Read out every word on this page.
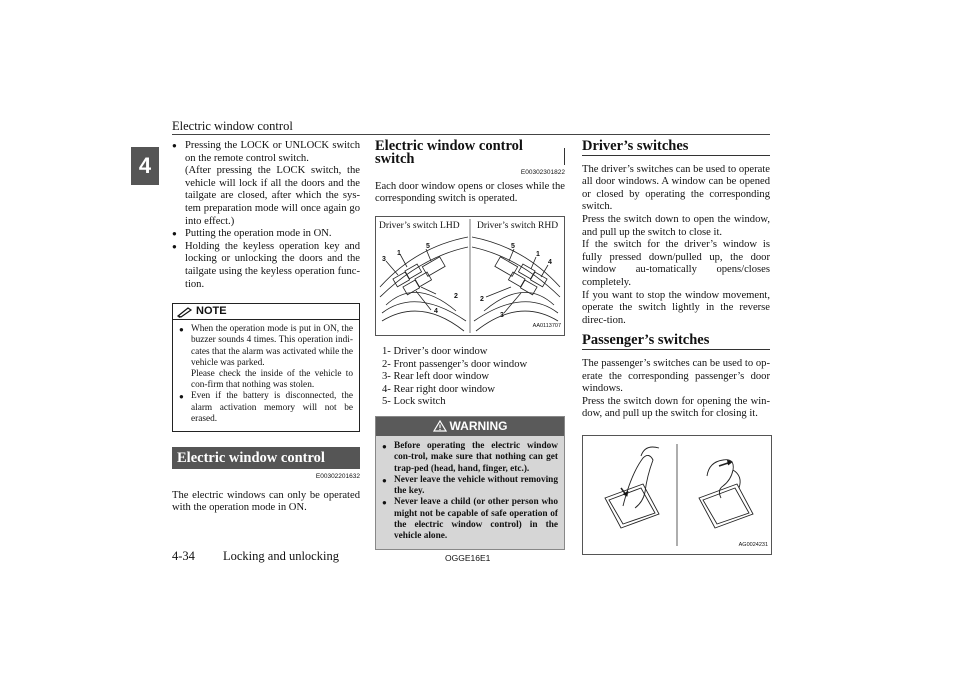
Electric window control
4
● Pressing the LOCK or UNLOCK switch on the remote control switch.
(After pressing the LOCK switch, the vehicle will lock if all the doors and the tailgate are closed, after which the sys-tem preparation mode will once again go into effect.)
● Putting the operation mode in ON.
● Holding the keyless operation key and locking or unlocking the doors and the tailgate using the keyless operation func-tion.
NOTE
● When the operation mode is put in ON, the buzzer sounds 4 times. This operation indi-cates that the alarm was activated while the vehicle was parked.
Please check the inside of the vehicle to con-firm that nothing was stolen.
● Even if the battery is disconnected, the alarm activation memory will not be erased.
Electric window control
E00302201632
The electric windows can only be operated with the operation mode in ON.
Electric window control switch
E00302301822
Each door window opens or closes while the corresponding switch is operated.
Driver’s switch LHD Driver’s switch RHD
3
1
5
2
4
1
4
5
2
3
AA0113707
1- Driver’s door window
2- Front passenger’s door window
3- Rear left door window
4- Rear right door window
5- Lock switch
WARNING
● Before operating the electric window con-trol, make sure that nothing can get trap-ped (head, hand, finger, etc.).
● Never leave the vehicle without removing the key.
● Never leave a child (or other person who might not be capable of safe operation of the electric window control) in the vehicle alone.
Driver’s switches
The driver’s switches can be used to operate all door windows. A window can be opened or closed by operating the corresponding switch.
Press the switch down to open the window, and pull up the switch to close it.
If the switch for the driver’s window is fully pressed down/pulled up, the door window au-tomatically opens/closes completely.
If you want to stop the window movement, operate the switch lightly in the reverse direc-tion.
Passenger’s switches
The passenger’s switches can be used to op-erate the corresponding passenger’s door windows.
Press the switch down for opening the win-dow, and pull up the switch for closing it.
AG0024231
4-34 Locking and unlocking	OGGE16E1
